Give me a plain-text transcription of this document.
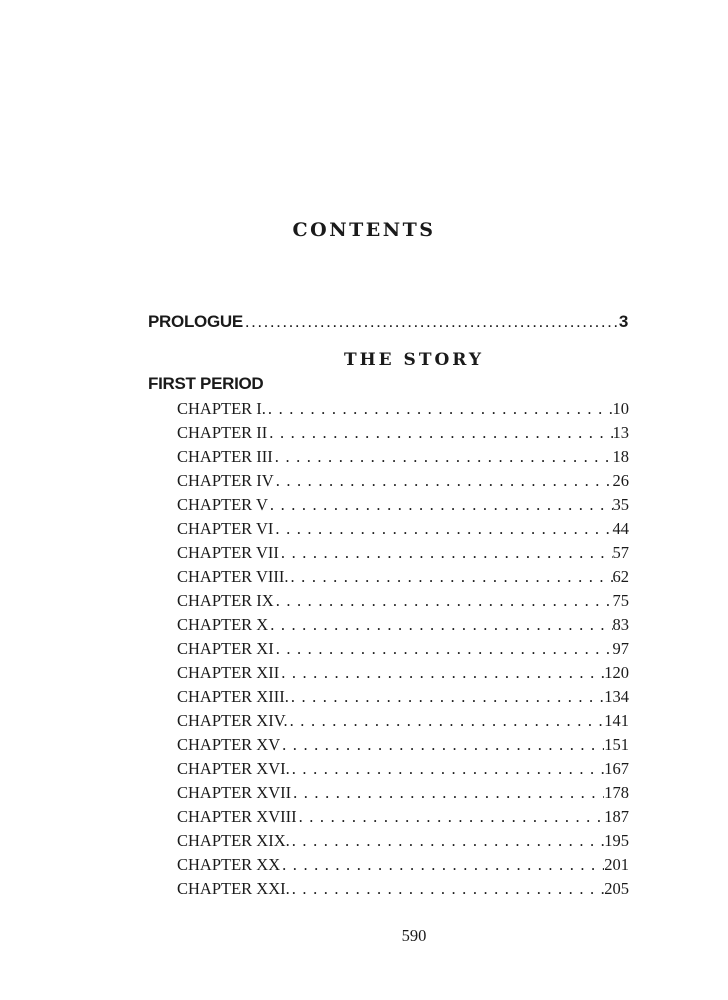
CONTENTS
PROLOGUE . . .	3
THE STORY
FIRST PERIOD
CHAPTER I. . . .	10
CHAPTER II . . .	13
CHAPTER III . . .	18
CHAPTER IV . . .	26
CHAPTER V . . .	35
CHAPTER VI . . .	44
CHAPTER VII . . .	57
CHAPTER VIII. . . .	62
CHAPTER IX . . .	75
CHAPTER X . . .	83
CHAPTER XI . . .	97
CHAPTER XII . . .	120
CHAPTER XIII. . . .	134
CHAPTER XIV. . . .	141
CHAPTER XV . . .	151
CHAPTER XVI. . . .	167
CHAPTER XVII . . .	178
CHAPTER XVIII . . .	187
CHAPTER XIX. . . .	195
CHAPTER XX . . .	201
CHAPTER XXI. . . .	205
590
